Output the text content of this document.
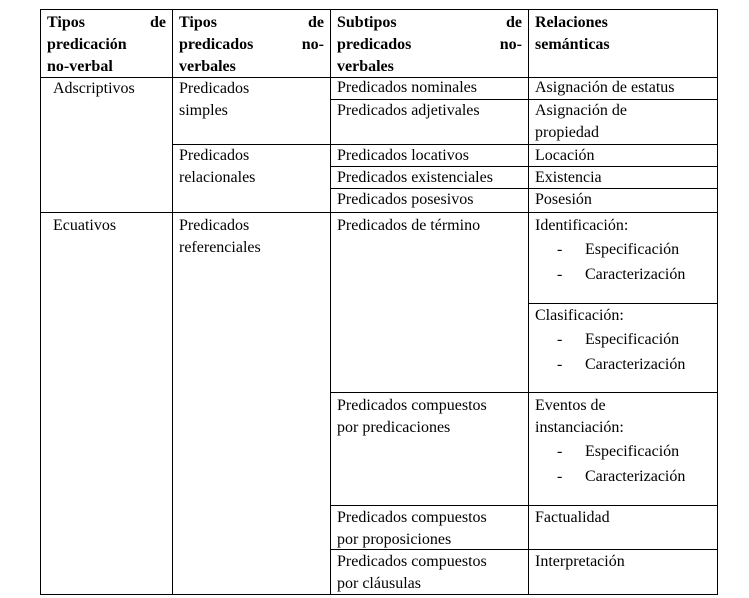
Tipos de
predicación
no-verbal
Tipos de
predicados no-
verbales
Subtipos de
predicados no-
verbales
Relaciones
semánticas
Adscriptivos
Ecuativos
Predicados
simples
Predicados
relacionales
Predicados
referenciales
Predicados nominales
Predicados adjetivales
Predicados locativos
Predicados existenciales
Predicados posesivos
Predicados de término
Predicados compuestos
por predicaciones
Predicados compuestos
por proposiciones
Predicados compuestos
por cláusulas
Asignación de estatus
Asignación de
propiedad
Locación
Existencia
Posesión
Identificación:
- Especificación
- Caracterización
Clasificación:
- Especificación
- Caracterización
Eventos de
instanciación:
- Especificación
- Caracterización
Factualidad
Interpretación
